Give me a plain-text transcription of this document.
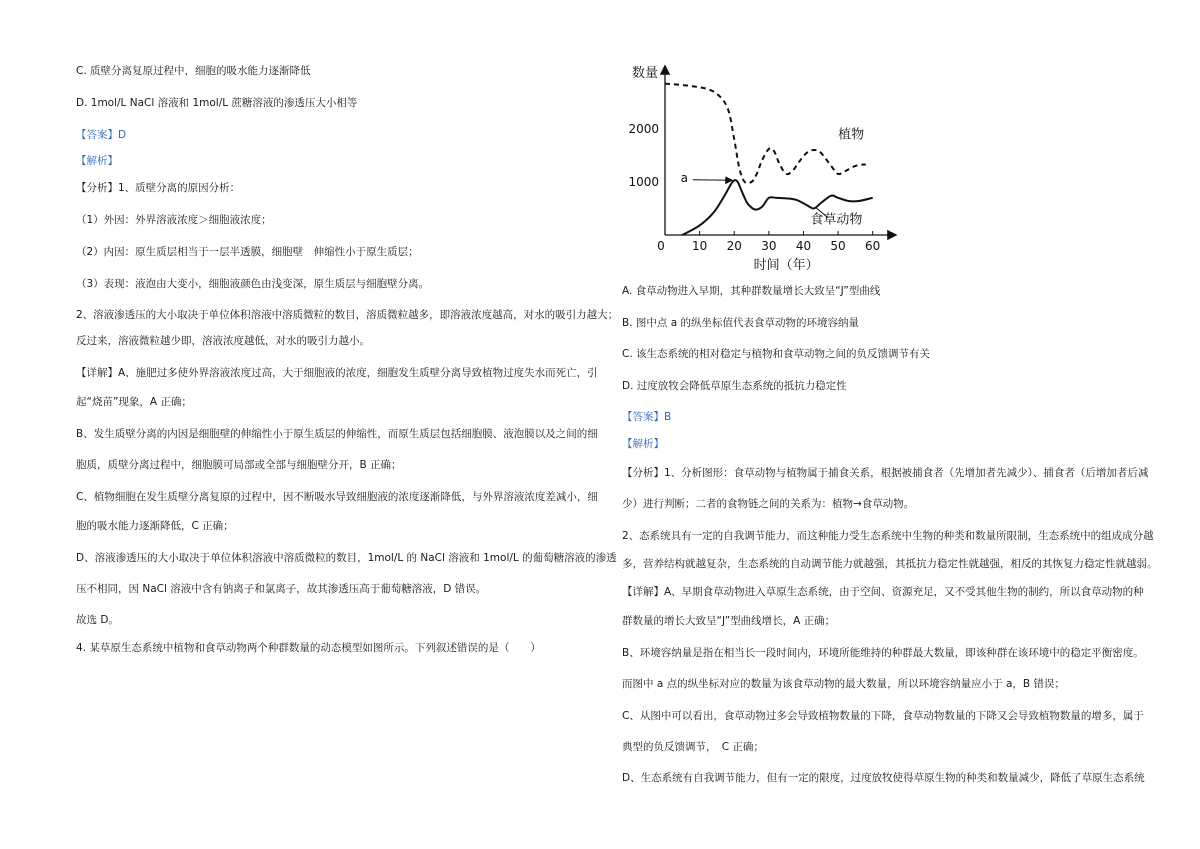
C. 质壁分离复原过程中，细胞的吸水能力逐渐降低
D. 1mol/L NaCl 溶液和 1mol/L 蔗糖溶液的渗透压大小相等
【答案】D
【解析】
【分析】1、质壁分离的原因分析：
（1）外因：外界溶液浓度＞细胞液浓度；
（2）内因：原生质层相当于一层半透膜，细胞壁　伸缩性小于原生质层；
（3）表现：液泡由大变小，细胞液颜色由浅变深，原生质层与细胞壁分离。
2、溶液渗透压的大小取决于单位体积溶液中溶质微粒的数目，溶质微粒越多，即溶液浓度越高，对水的吸引力越大；
反过来，溶液微粒越少即，溶液浓度越低，对水的吸引力越小。
【详解】A、施肥过多使外界溶液浓度过高，大于细胞液的浓度，细胞发生质壁分离导致植物过度失水而死亡，引
起“烧苗”现象，A 正确；
B、发生质壁分离的内因是细胞壁的伸缩性小于原生质层的伸缩性，而原生质层包括细胞膜、液泡膜以及之间的细
胞质，质壁分离过程中，细胞膜可局部或全部与细胞壁分开，B 正确；
C、植物细胞在发生质壁分离复原的过程中，因不断吸水导致细胞液的浓度逐渐降低，与外界溶液浓度差减小，细
胞的吸水能力逐渐降低，C 正确；
D、溶液渗透压的大小取决于单位体积溶液中溶质微粒的数目，1mol/L 的 NaCl 溶液和 1mol/L 的葡萄糖溶液的渗透
压不相同，因 NaCl 溶液中含有钠离子和氯离子，故其渗透压高于葡萄糖溶液，D 错误。
故选 D。
4. 某草原生态系统中植物和食草动物两个种群数量的动态模型如图所示。下列叙述错误的是（　　）
0 10 20 30 40 50 60
1000
2000
数量
时间（年）
植物
食草动物
a
A. 食草动物进入早期，其种群数量增长大致呈“J”型曲线
B. 图中点 a 的纵坐标值代表食草动物的环境容纳量
C. 该生态系统的相对稳定与植物和食草动物之间的负反馈调节有关
D. 过度放牧会降低草原生态系统的抵抗力稳定性
【答案】B
【解析】
【分析】1、分析图形：食草动物与植物属于捕食关系，根据被捕食者（先增加者先减少）、捕食者（后增加者后减
少）进行判断；二者的食物链之间的关系为：植物→食草动物。
2、态系统具有一定的自我调节能力，而这种能力受生态系统中生物的种类和数量所限制，生态系统中的组成成分越
多，营养结构就越复杂，生态系统的自动调节能力就越强，其抵抗力稳定性就越强，相反的其恢复力稳定性就越弱。
【详解】A、早期食草动物进入草原生态系统，由于空间、资源充足，又不受其他生物的制约，所以食草动物的种
群数量的增长大致呈“J”型曲线增长，A 正确；
B、环境容纳量是指在相当长一段时间内，环境所能维持的种群最大数量，即该种群在该环境中的稳定平衡密度。
而图中 a 点的纵坐标对应的数量为该食草动物的最大数量，所以环境容纳量应小于 a，B 错误；
C、从图中可以看出，食草动物过多会导致植物数量的下降，食草动物数量的下降又会导致植物数量的增多，属于
典型的负反馈调节，　C 正确；
D、生态系统有自我调节能力，但有一定的限度，过度放牧使得草原生物的种类和数量减少，降低了草原生态系统
